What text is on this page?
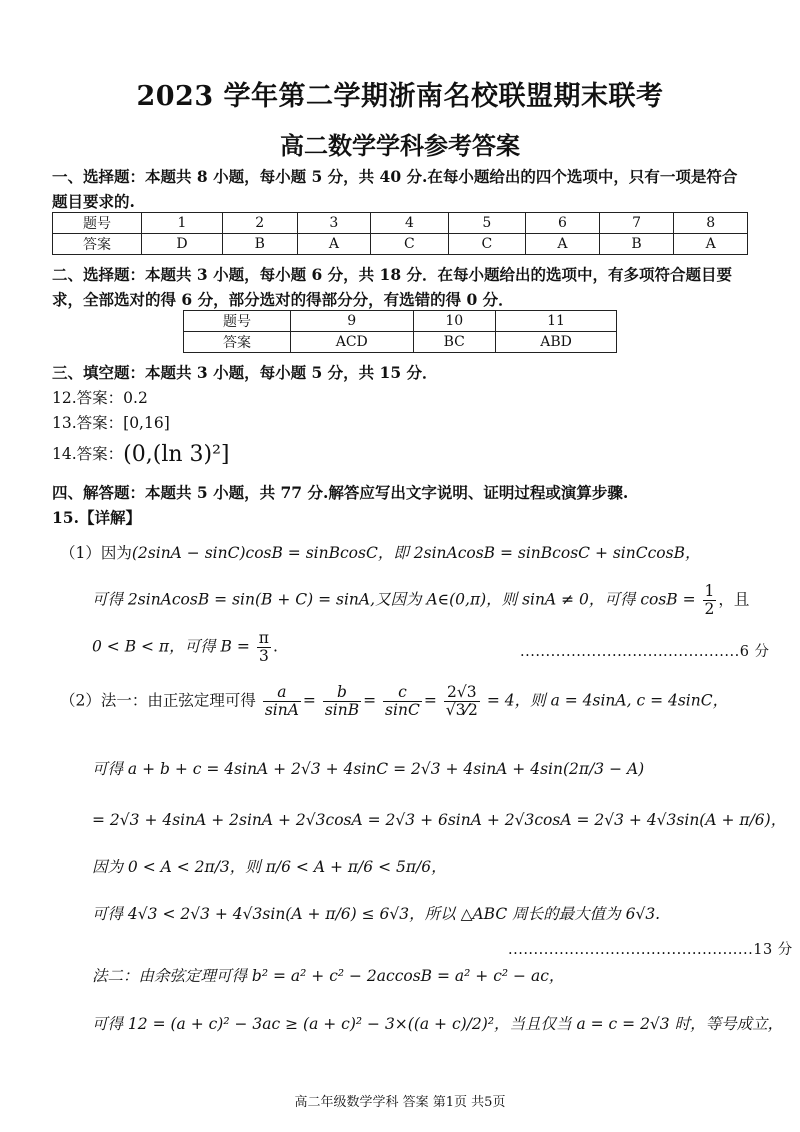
2023 学年第二学期浙南名校联盟期末联考
高二数学学科参考答案
一、选择题：本题共 8 小题，每小题 5 分，共 40 分.在每小题给出的四个选项中，只有一项是符合
题目要求的.
题号	1	2	3	4	5	6	7	8
答案	D	B	A	C	C	A	B	A
二、选择题：本题共 3 小题，每小题 6 分，共 18 分．在每小题给出的选项中，有多项符合题目要
求，全部选对的得 6 分，部分选对的得部分分，有选错的得 0 分．
题号	9	10	11
答案	ACD	BC	ABD
三、填空题：本题共 3 小题，每小题 5 分，共 15 分．
12.答案：0.2
13.答案：[0,16]
14.答案：(0,(ln 3)²]
四、解答题：本题共 5 小题，共 77 分.解答应写出文字说明、证明过程或演算步骤.
15.【详解】
（1）因为(2sinA − sinC)cosB = sinBcosC，即 2sinAcosB = sinBcosC + sinCcosB，
可得 2sinAcosB = sin(B + C) = sinA,又因为 A∈(0,π)，则 sinA ≠ 0，可得 $\cos B = \frac{1}{2}$ ，且
0 < B < π，可得 $B = \frac{\pi}{3}$ .	...........................................6 分
（2）法一：由正弦定理可得 $\frac{a}{\sin A} = \frac{b}{\sin B} = \frac{c}{\sin C} = \frac{2√3}{√3⁄2} = 4$，则 a = 4sinA, c = 4sinC，
可得 a + b + c = 4sinA + 2√3 + 4sinC = 2√3 + 4sinA + 4sin(2π/3 − A)
= 2√3 + 4sinA + 2sinA + 2√3cosA = 2√3 + 6sinA + 2√3cosA = 2√3 + 4√3sin(A + π/6)，
因为 0 < A < 2π/3，则 π/6 < A + π/6 < 5π/6，
可得 4√3 < 2√3 + 4√3sin(A + π/6) ≤ 6√3，所以 △ABC 周长的最大值为 6√3.
................................................13 分
法二：由余弦定理可得 b² = a² + c² − 2accosB = a² + c² − ac，
可得 12 = (a + c)² − 3ac ≥ (a + c)² − 3×((a + c)/2)²，当且仅当 a = c = 2√3 时，等号成立，
高二年级数学学科 答案 第1页 共5页
